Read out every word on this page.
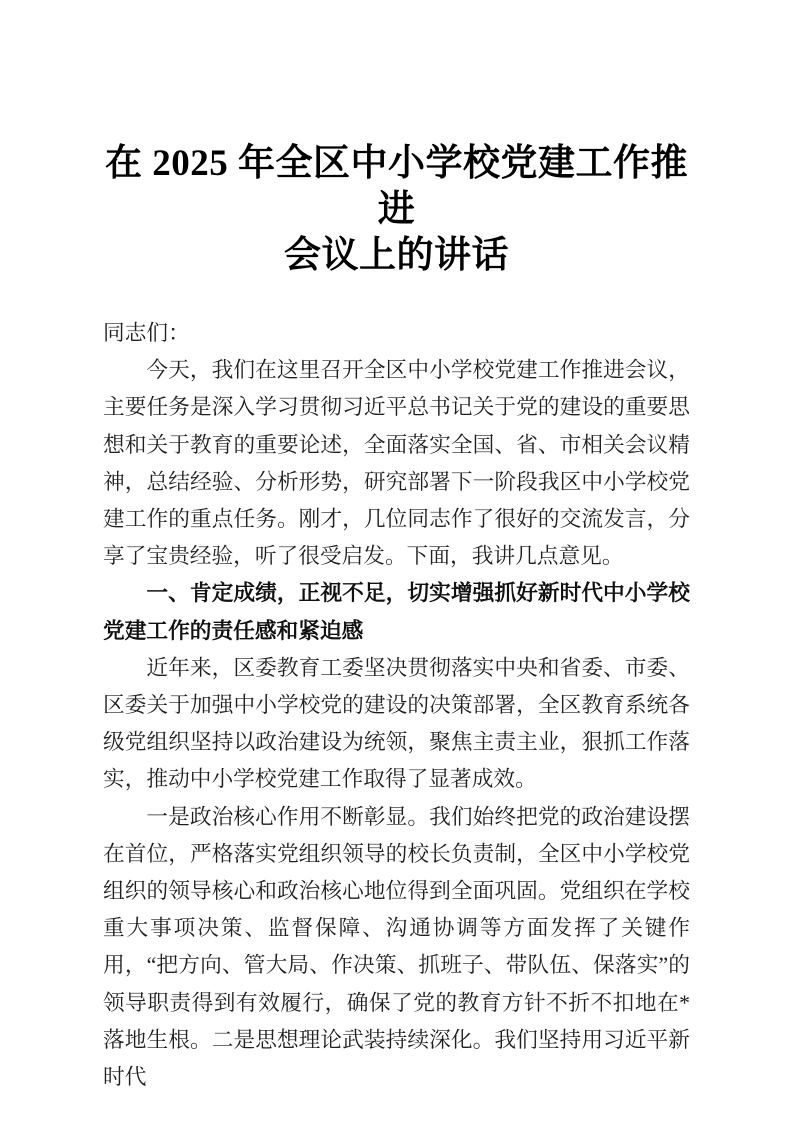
在 2025 年全区中小学校党建工作推进
会议上的讲话

同志们：

今天，我们在这里召开全区中小学校党建工作推进会议，主要任务是深入学习贯彻习近平总书记关于党的建设的重要思想和关于教育的重要论述，全面落实全国、省、市相关会议精神，总结经验、分析形势，研究部署下一阶段我区中小学校党建工作的重点任务。刚才，几位同志作了很好的交流发言，分享了宝贵经验，听了很受启发。下面，我讲几点意见。

一、肯定成绩，正视不足，切实增强抓好新时代中小学校党建工作的责任感和紧迫感

近年来，区委教育工委坚决贯彻落实中央和省委、市委、区委关于加强中小学校党的建设的决策部署，全区教育系统各级党组织坚持以政治建设为统领，聚焦主责主业，狠抓工作落实，推动中小学校党建工作取得了显著成效。

一是政治核心作用不断彰显。我们始终把党的政治建设摆在首位，严格落实党组织领导的校长负责制，全区中小学校党组织的领导核心和政治核心地位得到全面巩固。党组织在学校重大事项决策、监督保障、沟通协调等方面发挥了关键作用，“把方向、管大局、作决策、抓班子、带队伍、保落实”的领导职责得到有效履行，确保了党的教育方针不折不扣地在*落地生根。二是思想理论武装持续深化。我们坚持用习近平新时代
